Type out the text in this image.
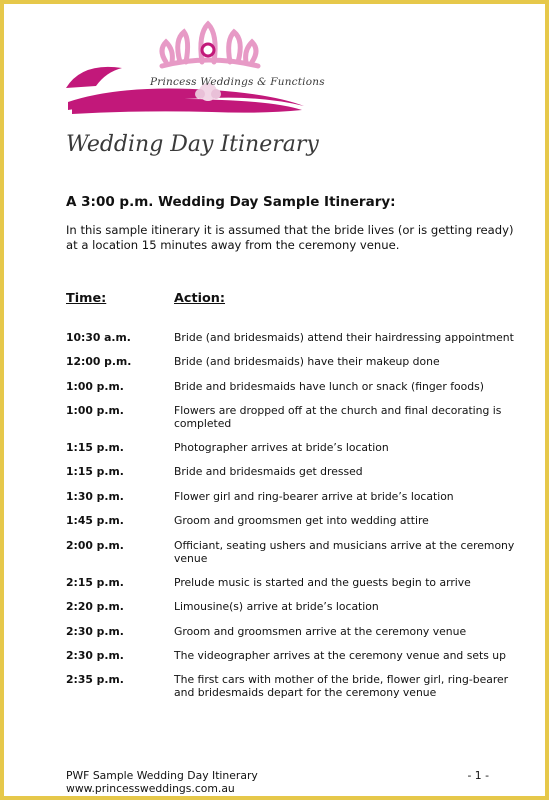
Princess Weddings & Functions
Wedding Day Itinerary
A 3:00 p.m. Wedding Day Sample Itinerary:
In this sample itinerary it is assumed that the bride lives (or is getting ready) at a location 15 minutes away from the ceremony venue.
Time:	Action:
10:30 a.m.	Bride (and bridesmaids) attend their hairdressing appointment
12:00 p.m.	Bride (and bridesmaids) have their makeup done
1:00 p.m.	Bride and bridesmaids have lunch or snack (finger foods)
1:00 p.m.	Flowers are dropped off at the church and final decorating is completed
1:15 p.m.	Photographer arrives at bride’s location
1:15 p.m.	Bride and bridesmaids get dressed
1:30 p.m.	Flower girl and ring-bearer arrive at bride’s location
1:45 p.m.	Groom and groomsmen get into wedding attire
2:00 p.m.	Officiant, seating ushers and musicians arrive at the ceremony venue
2:15 p.m.	Prelude music is started and the guests begin to arrive
2:20 p.m.	Limousine(s) arrive at bride’s location
2:30 p.m.	Groom and groomsmen arrive at the ceremony venue
2:30 p.m.	The videographer arrives at the ceremony venue and sets up
2:35 p.m.	The first cars with mother of the bride, flower girl, ring-bearer and bridesmaids depart for the ceremony venue
PWF Sample Wedding Day Itinerary
www.princessweddings.com.au
- 1 -
